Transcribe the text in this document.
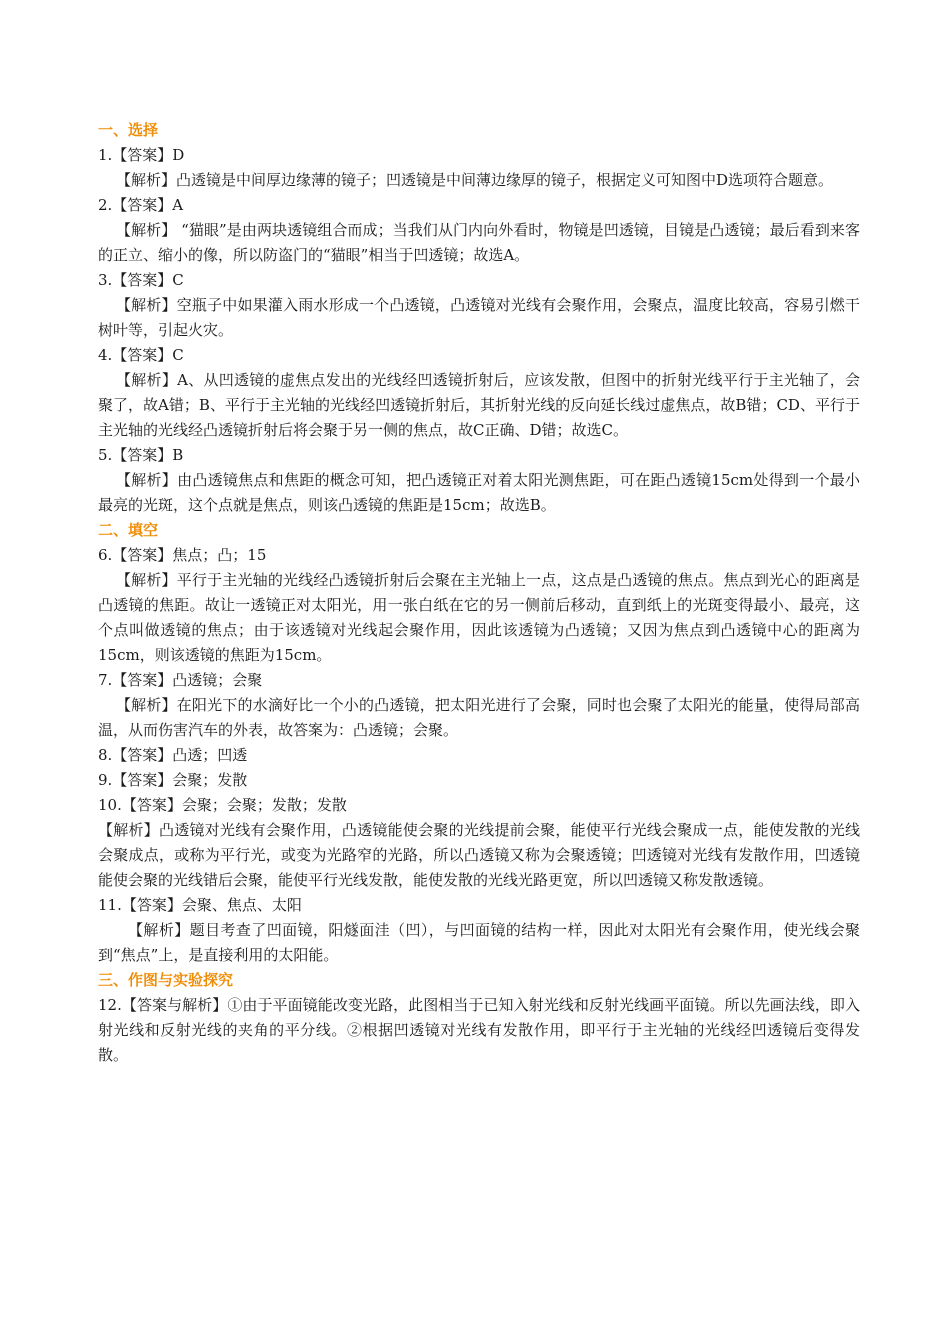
一、选择
1.【答案】D
【解析】凸透镜是中间厚边缘薄的镜子；凹透镜是中间薄边缘厚的镜子，根据定义可知图中D选项符合题意。
2.【答案】A
【解析】 “猫眼”是由两块透镜组合而成；当我们从门内向外看时，物镜是凹透镜，目镜是凸透镜；最后看到来客的正立、缩小的像，所以防盗门的“猫眼”相当于凹透镜；故选A。
3.【答案】C
【解析】空瓶子中如果灌入雨水形成一个凸透镜，凸透镜对光线有会聚作用，会聚点，温度比较高，容易引燃干树叶等，引起火灾。
4.【答案】C
【解析】A、从凹透镜的虚焦点发出的光线经凹透镜折射后，应该发散，但图中的折射光线平行于主光轴了，会聚了，故A错；B、平行于主光轴的光线经凹透镜折射后，其折射光线的反向延长线过虚焦点，故B错；CD、平行于主光轴的光线经凸透镜折射后将会聚于另一侧的焦点，故C正确、D错；故选C。
5.【答案】B
【解析】由凸透镜焦点和焦距的概念可知，把凸透镜正对着太阳光测焦距，可在距凸透镜15cm处得到一个最小最亮的光斑，这个点就是焦点，则该凸透镜的焦距是15cm；故选B。
二、填空
6.【答案】焦点；凸；15
【解析】平行于主光轴的光线经凸透镜折射后会聚在主光轴上一点，这点是凸透镜的焦点。焦点到光心的距离是凸透镜的焦距。故让一透镜正对太阳光，用一张白纸在它的另一侧前后移动，直到纸上的光斑变得最小、最亮，这个点叫做透镜的焦点；由于该透镜对光线起会聚作用，因此该透镜为凸透镜；又因为焦点到凸透镜中心的距离为15cm，则该透镜的焦距为15cm。
7.【答案】凸透镜；会聚
【解析】在阳光下的水滴好比一个小的凸透镜，把太阳光进行了会聚，同时也会聚了太阳光的能量，使得局部高温，从而伤害汽车的外表，故答案为：凸透镜；会聚。
8.【答案】凸透；凹透
9.【答案】会聚；发散
10.【答案】会聚；会聚；发散；发散
【解析】凸透镜对光线有会聚作用，凸透镜能使会聚的光线提前会聚，能使平行光线会聚成一点，能使发散的光线会聚成点，或称为平行光，或变为光路窄的光路，所以凸透镜又称为会聚透镜；凹透镜对光线有发散作用，凹透镜能使会聚的光线错后会聚，能使平行光线发散，能使发散的光线光路更宽，所以凹透镜又称发散透镜。
11.【答案】会聚、焦点、太阳
【解析】题目考查了凹面镜，阳燧面洼（凹），与凹面镜的结构一样，因此对太阳光有会聚作用，使光线会聚到“焦点”上，是直接利用的太阳能。
三、作图与实验探究
12.【答案与解析】①由于平面镜能改变光路，此图相当于已知入射光线和反射光线画平面镜。所以先画法线，即入射光线和反射光线的夹角的平分线。②根据凹透镜对光线有发散作用，即平行于主光轴的光线经凹透镜后变得发散。
